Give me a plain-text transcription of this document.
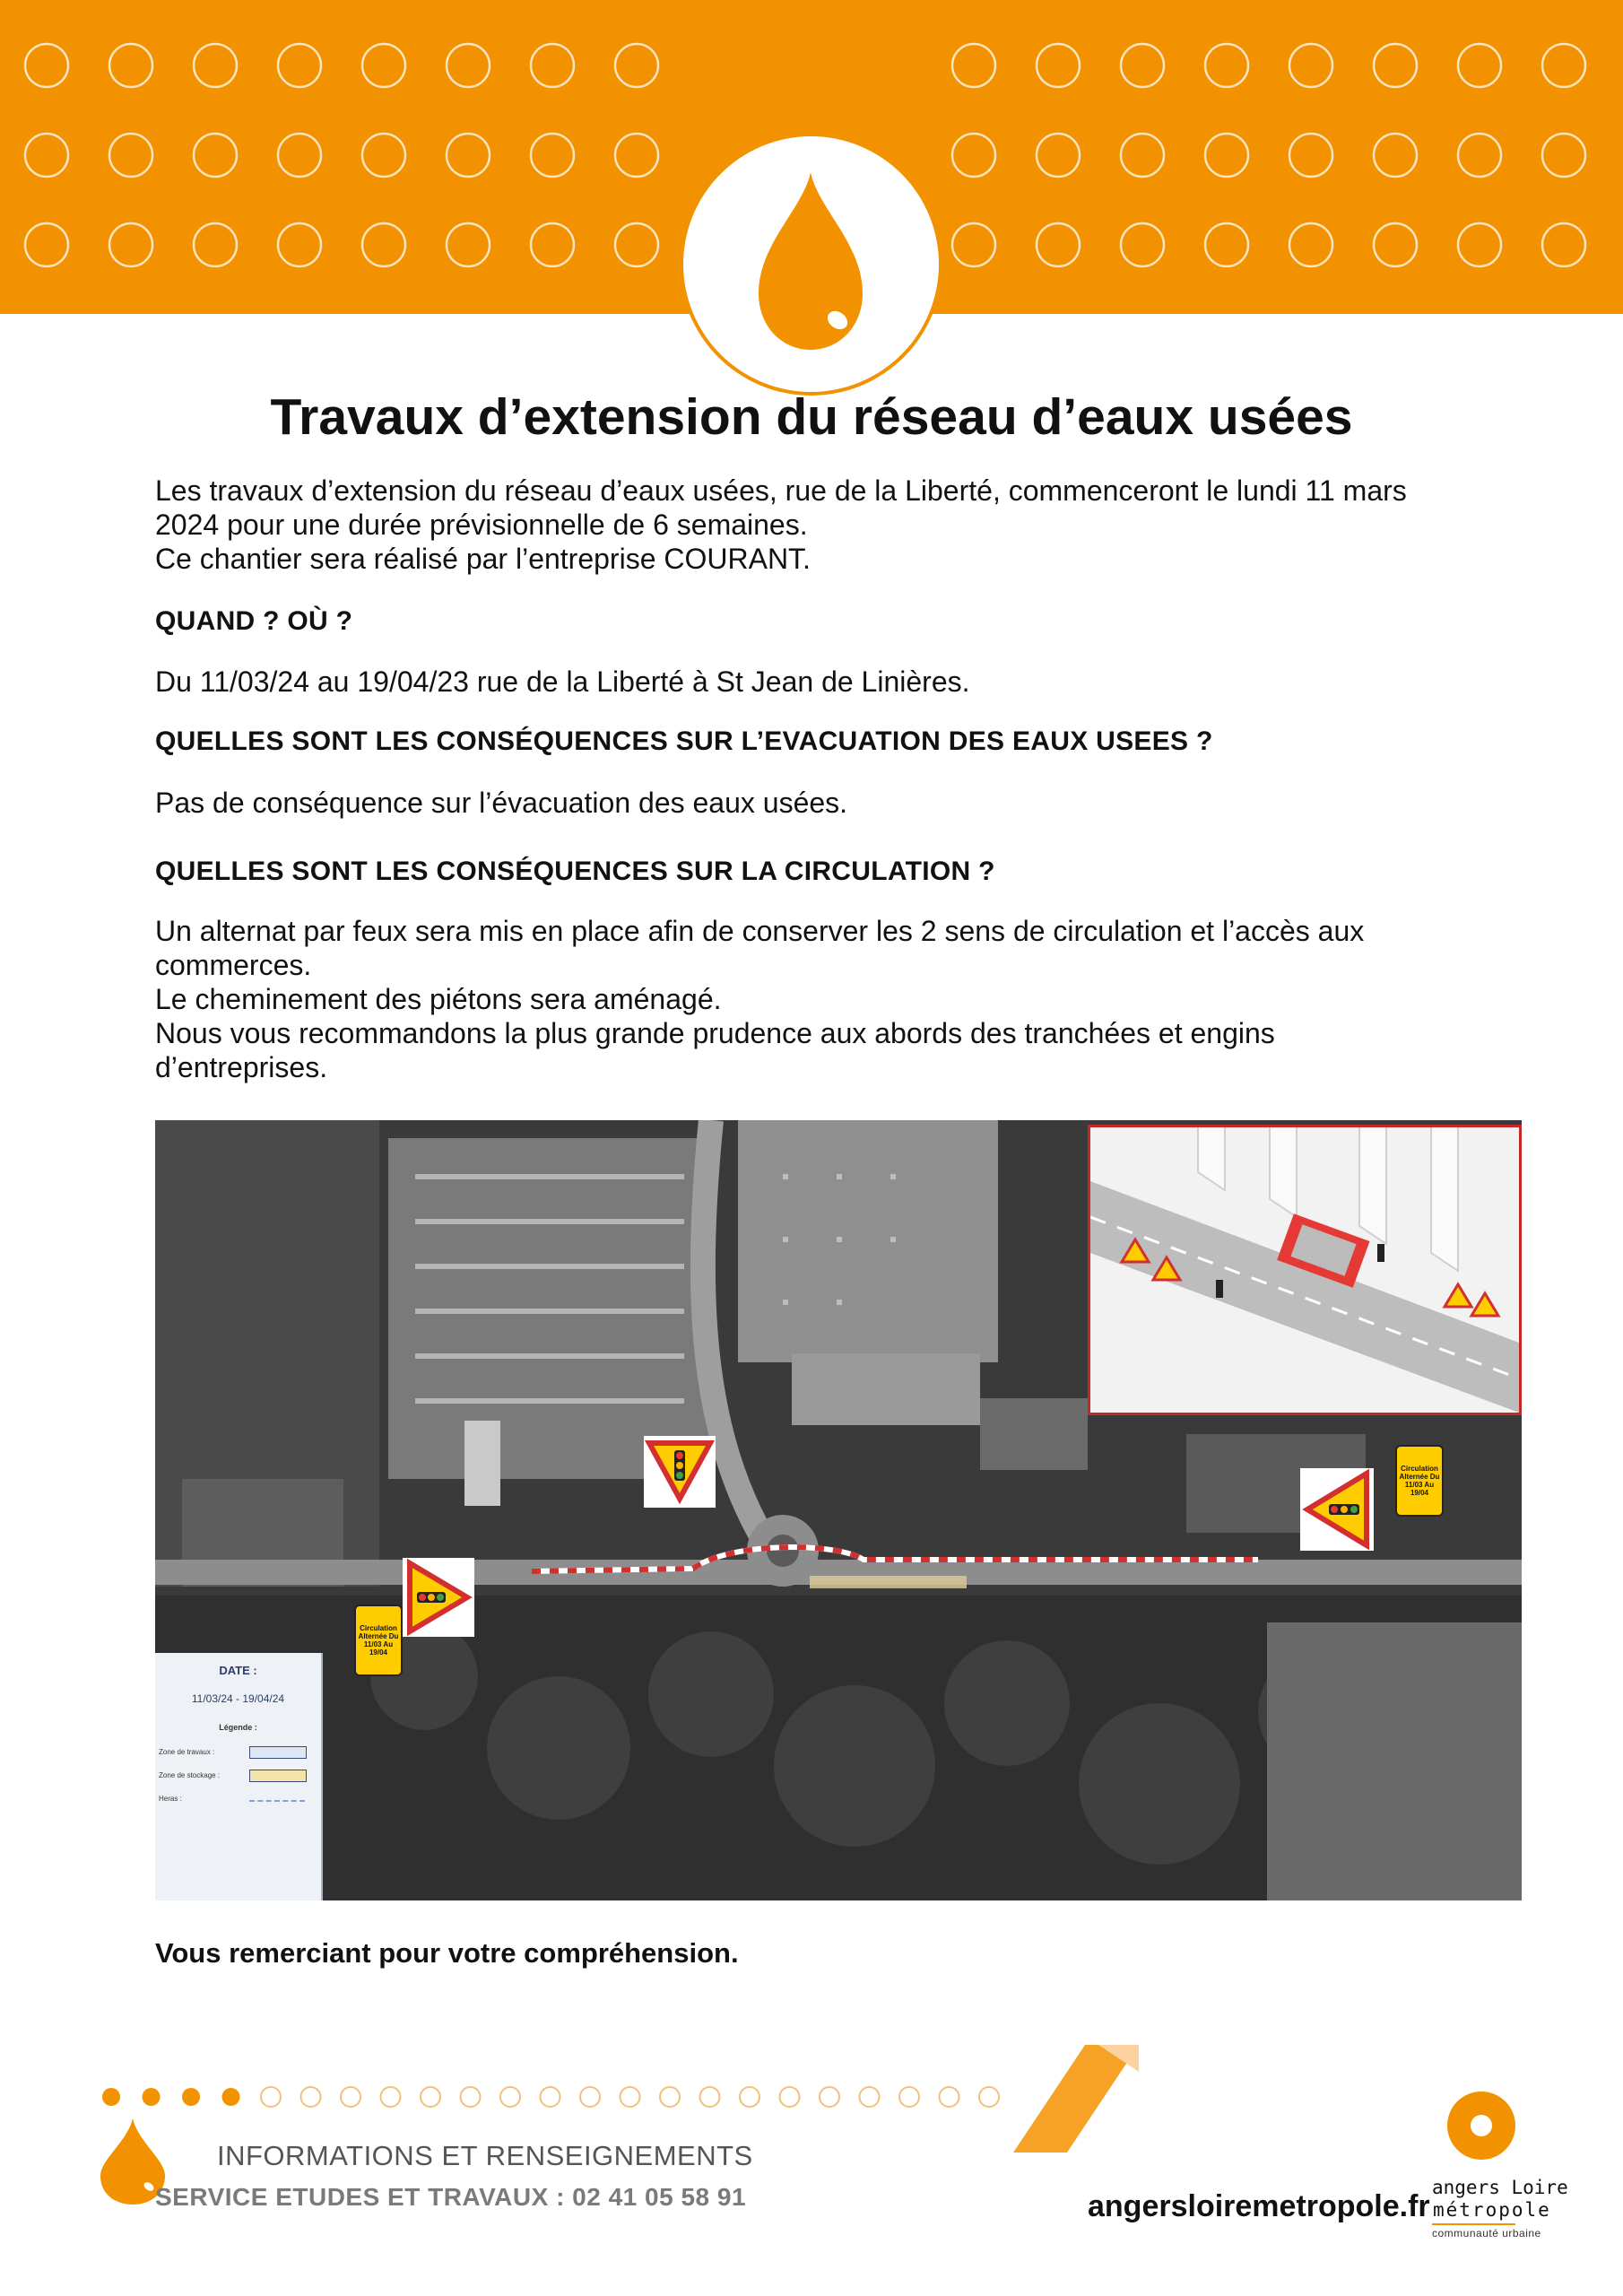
Travaux d’extension du réseau d’eaux usées

Les travaux d’extension du réseau d’eaux usées, rue de la Liberté, commenceront le lundi 11 mars

2024 pour une durée prévisionnelle de 6 semaines.

Ce chantier sera réalisé par l’entreprise COURANT.

QUAND ? OÙ ?
Du 11/03/24 au 19/04/23 rue de la Liberté à St Jean de Linières.
QUELLES SONT LES CONSÉQUENCES SUR L’EVACUATION DES EAUX USEES ?
Pas de conséquence sur l’évacuation des eaux usées.
QUELLES SONT LES CONSÉQUENCES SUR LA CIRCULATION ?

Un alternat par feux sera mis en place afin de conserver les 2 sens de circulation et l’accès aux

commerces.

Le cheminement des piétons sera aménagé.

Nous vous recommandons la plus grande prudence aux abords des tranchées et engins

d’entreprises.

Circulation Alternée Du 11/03 Au 19/04
Circulation Alternée Du 11/03 Au 19/04
DATE :
11/03/24 - 19/04/24
Légende :
Zone de travaux :
Zone de stockage :
Heras :
Vous remerciant pour votre compréhension.
INFORMATIONS ET RENSEIGNEMENTS
SERVICE ETUDES ET TRAVAUX : 02 41 05 58 91	angersloiremetropole.fr
angers Loire
métropole
communauté urbaine
